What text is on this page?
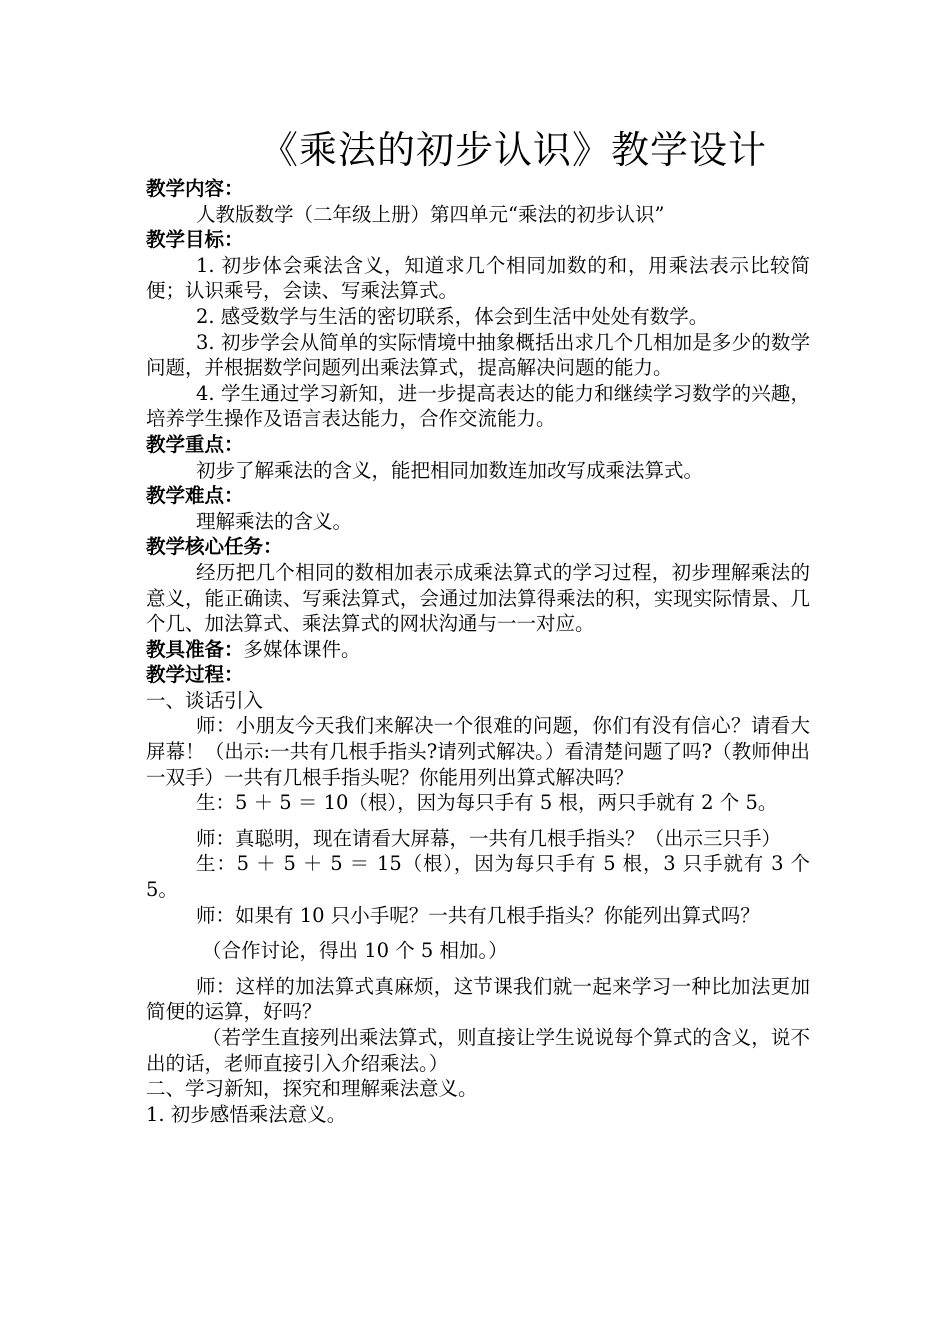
《乘法的初步认识》教学设计

教学内容：

人教版数学（二年级上册）第四单元“乘法的初步认识”

教学目标：

1. 初步体会乘法含义，知道求几个相同加数的和，用乘法表示比较简便；认识乘号，会读、写乘法算式。

2. 感受数学与生活的密切联系，体会到生活中处处有数学。

3. 初步学会从简单的实际情境中抽象概括出求几个几相加是多少的数学问题，并根据数学问题列出乘法算式，提高解决问题的能力。

4. 学生通过学习新知，进一步提高表达的能力和继续学习数学的兴趣，培养学生操作及语言表达能力，合作交流能力。

教学重点：

初步了解乘法的含义，能把相同加数连加改写成乘法算式。

教学难点：

理解乘法的含义。

教学核心任务：

经历把几个相同的数相加表示成乘法算式的学习过程，初步理解乘法的意义，能正确读、写乘法算式，会通过加法算得乘法的积，实现实际情景、几个几、加法算式、乘法算式的网状沟通与一一对应。

教具准备：多媒体课件。

教学过程：

一、谈话引入

师：小朋友今天我们来解决一个很难的问题，你们有没有信心？请看大屏幕！（出示:一共有几根手指头?请列式解决。）看清楚问题了吗?（教师伸出一双手）一共有几根手指头呢？你能用列出算式解决吗？

生：5 ＋ 5 ＝ 10（根），因为每只手有 5 根，两只手就有 2 个 5。

师：真聪明，现在请看大屏幕，一共有几根手指头？（出示三只手）

生：5 ＋ 5 ＋ 5 ＝ 15（根），因为每只手有 5 根，3 只手就有 3 个 5。

师：如果有 10 只小手呢？一共有几根手指头？你能列出算式吗？

（合作讨论，得出 10 个 5 相加。）

师：这样的加法算式真麻烦，这节课我们就一起来学习一种比加法更加简便的运算，好吗？

（若学生直接列出乘法算式，则直接让学生说说每个算式的含义，说不出的话，老师直接引入介绍乘法。）

二、学习新知，探究和理解乘法意义。

1. 初步感悟乘法意义。
